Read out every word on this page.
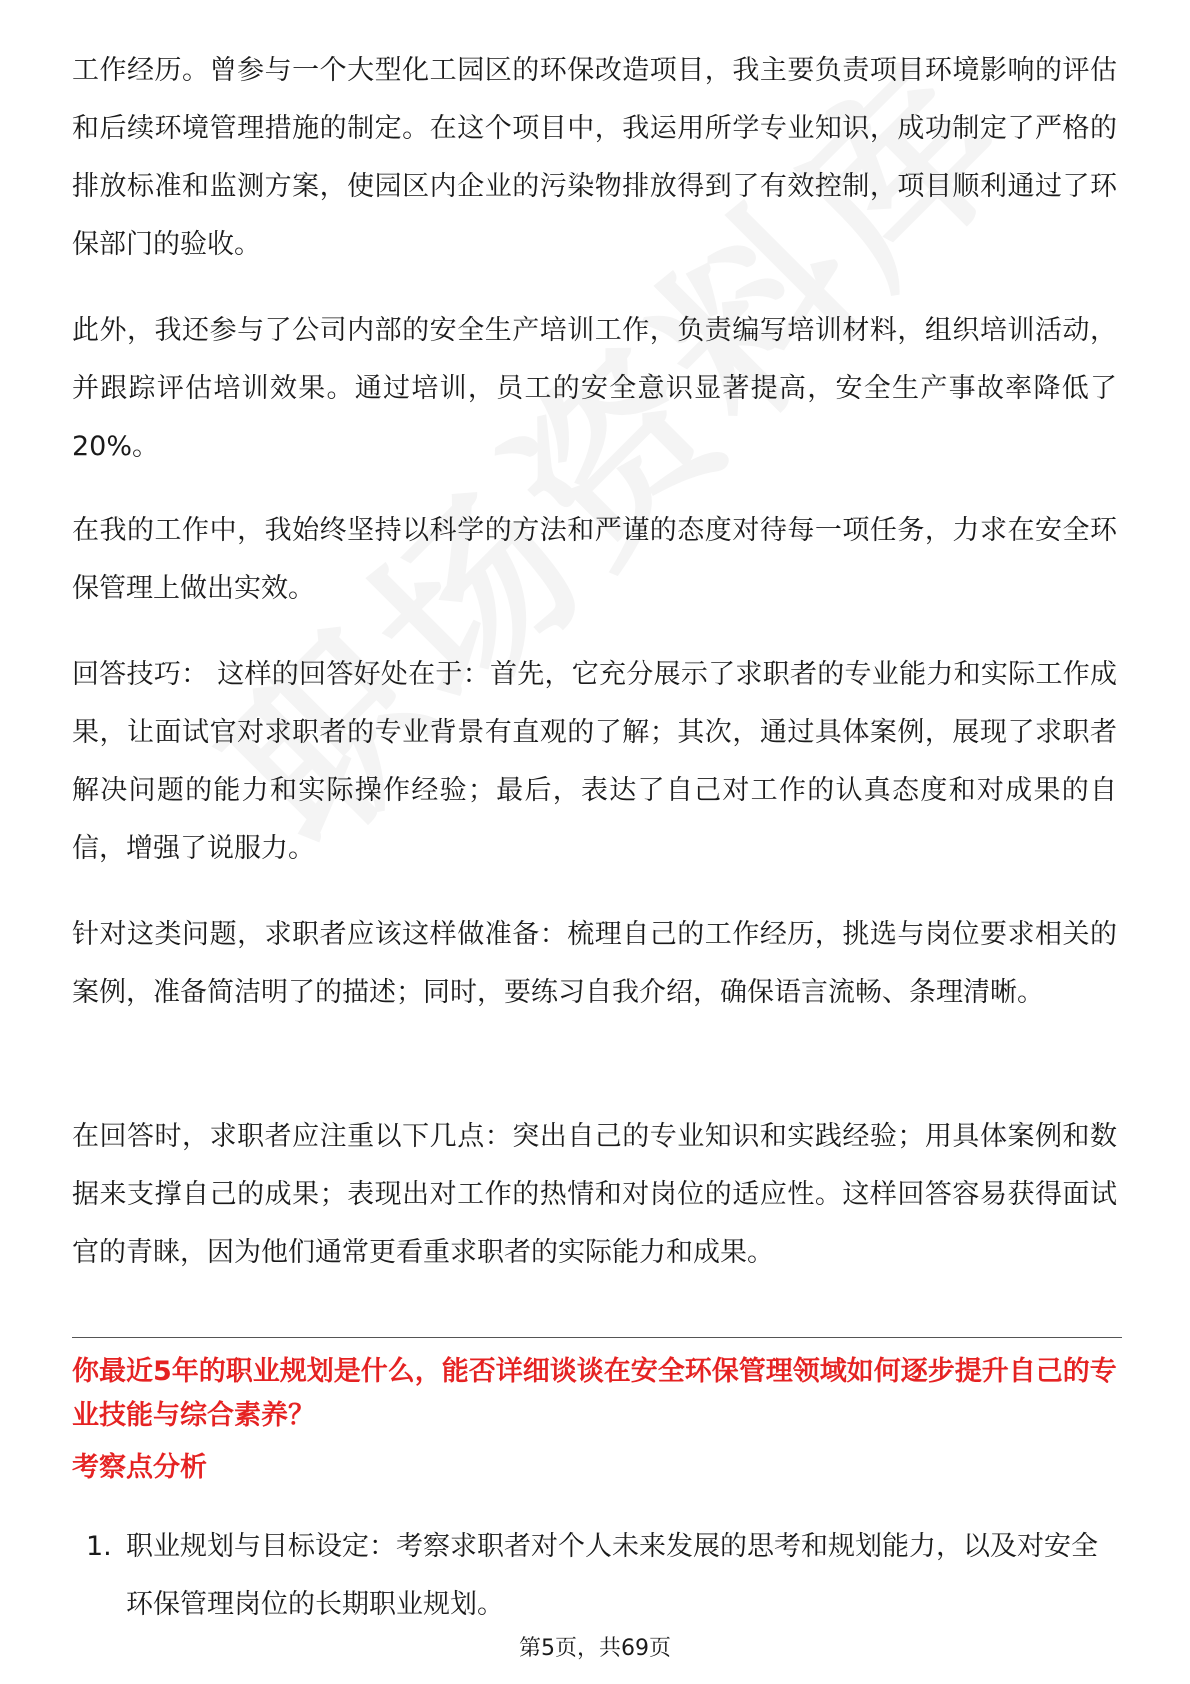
工作经历。曾参与一个大型化工园区的环保改造项目，我主要负责项目环境影响的评估和后续环境管理措施的制定。在这个项目中，我运用所学专业知识，成功制定了严格的排放标准和监测方案，使园区内企业的污染物排放得到了有效控制，项目顺利通过了环保部门的验收。

此外，我还参与了公司内部的安全生产培训工作，负责编写培训材料，组织培训活动，并跟踪评估培训效果。通过培训，员工的安全意识显著提高，安全生产事故率降低了20%。

在我的工作中，我始终坚持以科学的方法和严谨的态度对待每一项任务，力求在安全环保管理上做出实效。

回答技巧： 这样的回答好处在于：首先，它充分展示了求职者的专业能力和实际工作成果，让面试官对求职者的专业背景有直观的了解；其次，通过具体案例，展现了求职者解决问题的能力和实际操作经验；最后，表达了自己对工作的认真态度和对成果的自信，增强了说服力。

针对这类问题，求职者应该这样做准备：梳理自己的工作经历，挑选与岗位要求相关的案例，准备简洁明了的描述；同时，要练习自我介绍，确保语言流畅、条理清晰。

在回答时，求职者应注重以下几点：突出自己的专业知识和实践经验；用具体案例和数据来支撑自己的成果；表现出对工作的热情和对岗位的适应性。这样回答容易获得面试官的青睐，因为他们通常更看重求职者的实际能力和成果。

你最近5年的职业规划是什么，能否详细谈谈在安全环保管理领域如何逐步提升自己的专业技能与综合素养？
考察点分析
1. 职业规划与目标设定：考察求职者对个人未来发展的思考和规划能力，以及对安全环保管理岗位的长期职业规划。
第5页，共69页
